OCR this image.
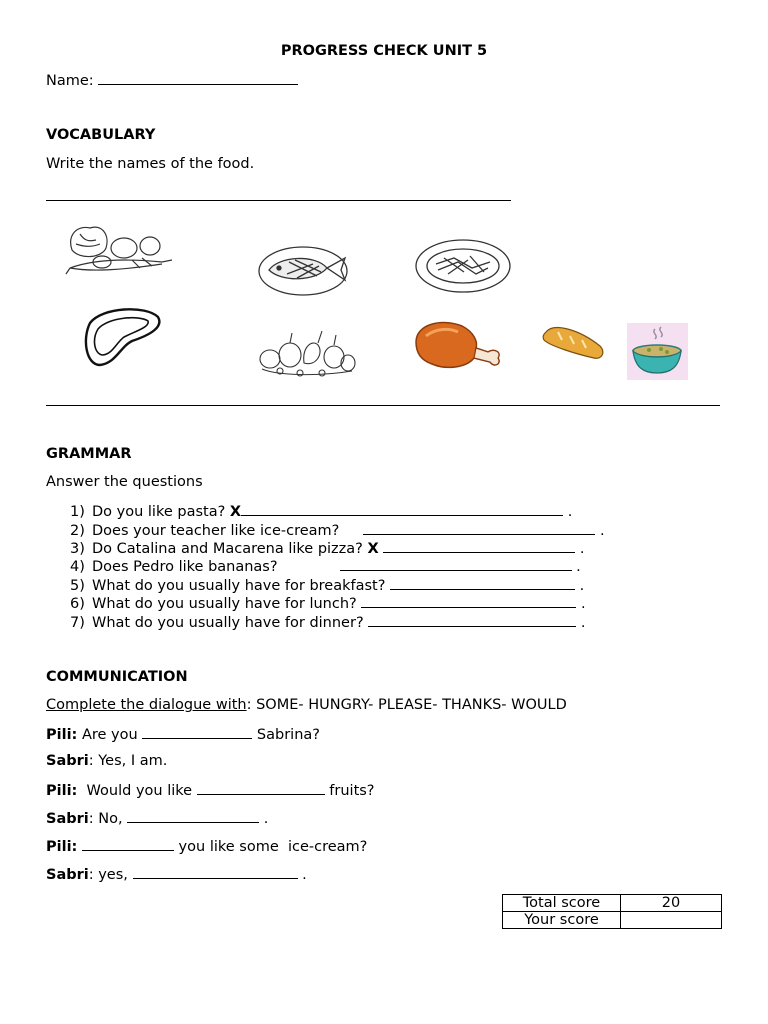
PROGRESS CHECK UNIT 5
Name:
VOCABULARY
Write the names of the food.
GRAMMAR
Answer the questions
1) Do you like pasta? X	.
2) Does your teacher like ice-cream?	.
3) Do Catalina and Macarena like pizza? X	.
4) Does Pedro like bananas?	.
5) What do you usually have for breakfast?	.
6) What do you usually have for lunch?	.
7) What do you usually have for dinner?	.
COMMUNICATION
Complete the dialogue with: SOME- HUNGRY- PLEASE- THANKS- WOULD
Pili: Are you	Sabrina?
Sabri: Yes, I am.
Pili:  Would you like	fruits?
Sabri: No,	.
Pili:	you like some  ice-cream?
Sabri: yes,	.
Total score	20
Your score	
